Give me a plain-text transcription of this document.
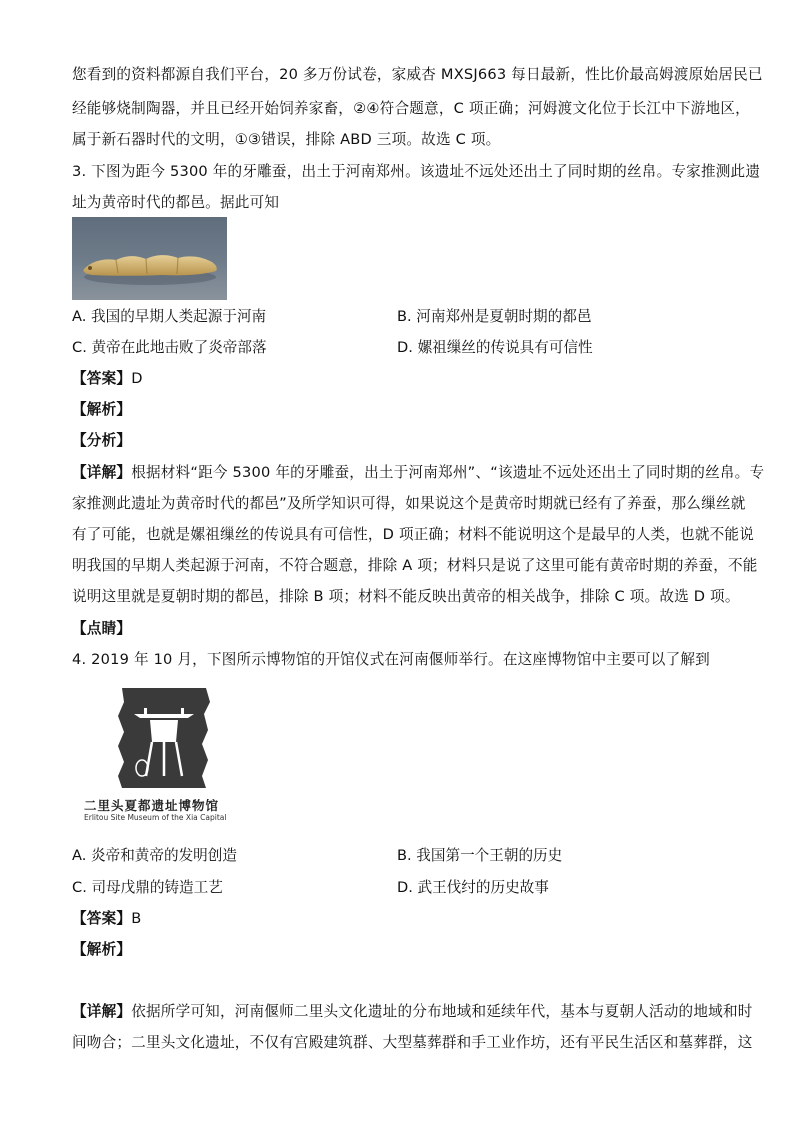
您看到的资料都源自我们平台，20 多万份试卷，家威杏 MXSJ663 每日最新，性比价最高姆渡原始居民已
经能够烧制陶器，并且已经开始饲养家畜，②④符合题意，C 项正确；河姆渡文化位于长江中下游地区，
属于新石器时代的文明，①③错误，排除 ABD 三项。故选 C 项。
3. 下图为距今 5300 年的牙雕蚕，出土于河南郑州。该遗址不远处还出土了同时期的丝帛。专家推测此遗
址为黄帝时代的都邑。据此可知
A. 我国的早期人类起源于河南	B. 河南郑州是夏朝时期的都邑
C. 黄帝在此地击败了炎帝部落	D. 嫘祖缫丝的传说具有可信性
【答案】D
【解析】
【分析】
【详解】根据材料“距今 5300 年的牙雕蚕，出土于河南郑州”、“该遗址不远处还出土了同时期的丝帛。专
家推测此遗址为黄帝时代的都邑”及所学知识可得，如果说这个是黄帝时期就已经有了养蚕，那么缫丝就
有了可能，也就是嫘祖缫丝的传说具有可信性，D 项正确；材料不能说明这个是最早的人类，也就不能说
明我国的早期人类起源于河南，不符合题意，排除 A 项；材料只是说了这里可能有黄帝时期的养蚕，不能
说明这里就是夏朝时期的都邑，排除 B 项；材料不能反映出黄帝的相关战争，排除 C 项。故选 D 项。
【点睛】
4. 2019 年 10 月，下图所示博物馆的开馆仪式在河南偃师举行。在这座博物馆中主要可以了解到
二里头夏都遗址博物馆
Erlitou Site Museum of the Xia Capital
A. 炎帝和黄帝的发明创造	B. 我国第一个王朝的历史
C. 司母戊鼎的铸造工艺	D. 武王伐纣的历史故事
【答案】B
【解析】
【详解】依据所学可知，河南偃师二里头文化遗址的分布地域和延续年代，基本与夏朝人活动的地域和时
间吻合；二里头文化遗址，不仅有宫殿建筑群、大型墓葬群和手工业作坊，还有平民生活区和墓葬群，这
